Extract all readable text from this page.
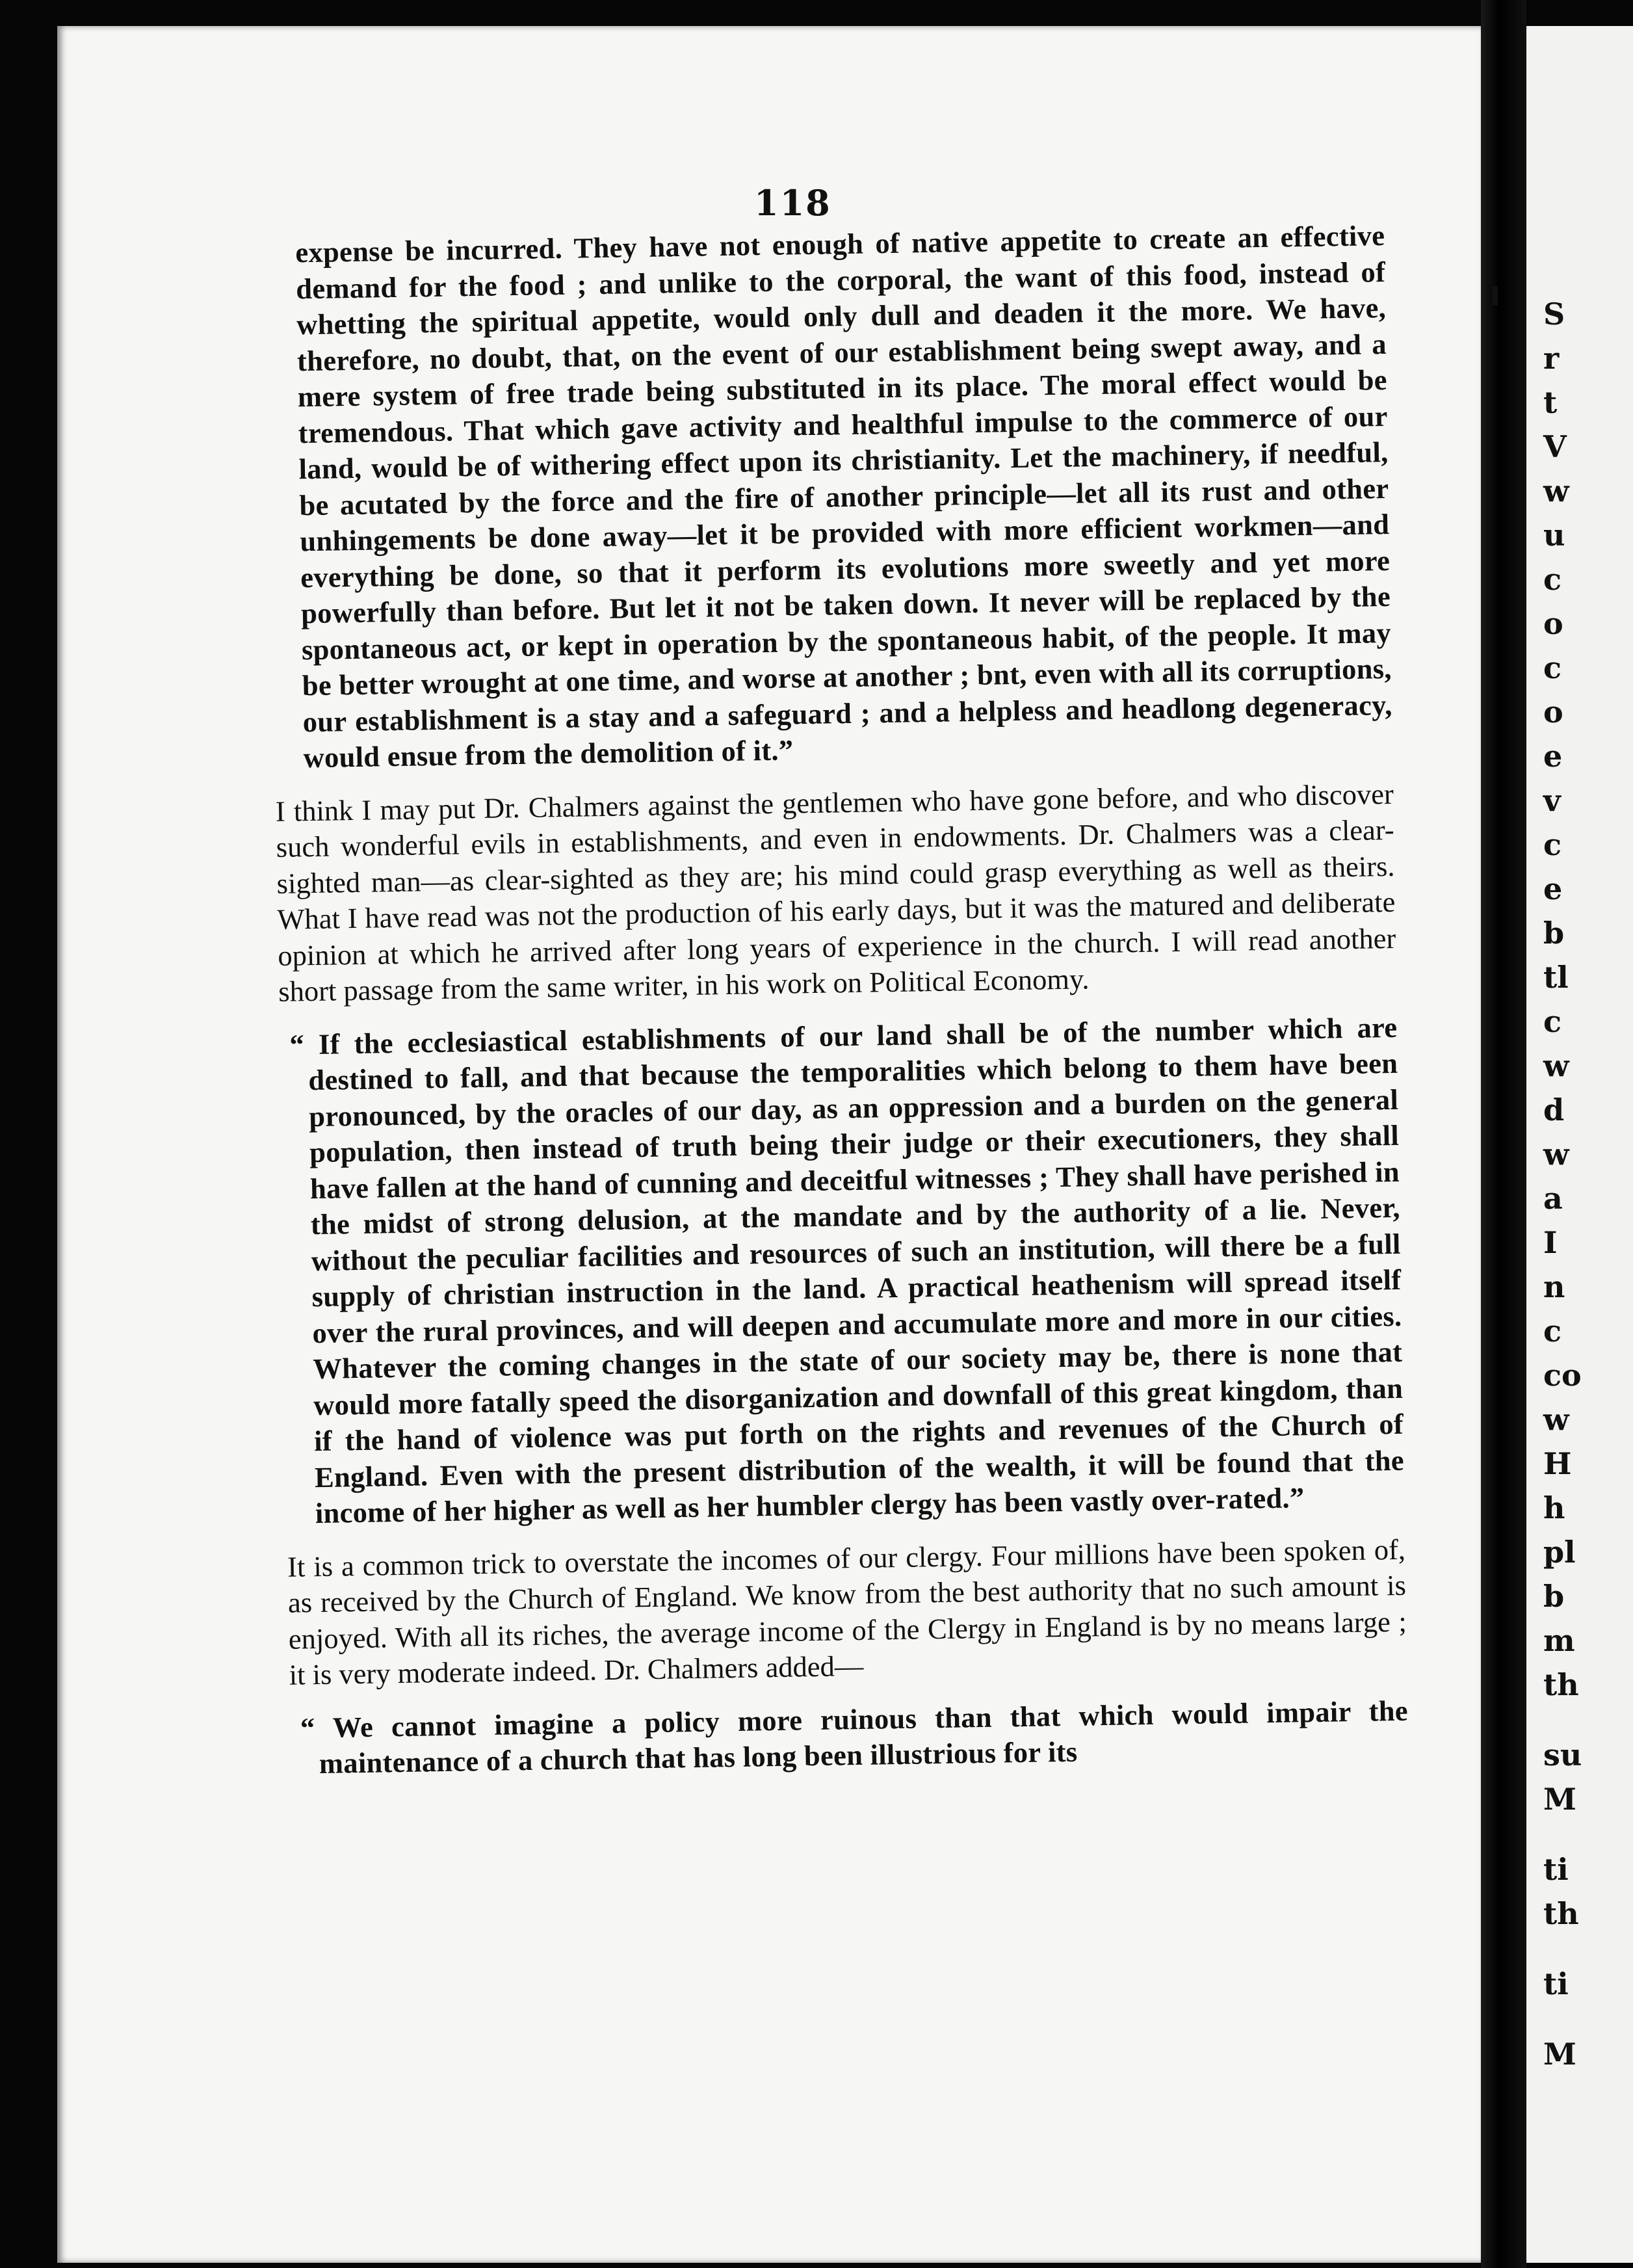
S
r
t
V
w
u
c
o
c
o
e
v
c
e
b
tl
c
w
d
w
a
I
n
c
co
w
H
h
pl
b
m
th
su
M
ti
th
ti
M
118

expense be incurred. They have not enough of native appetite to create an effective demand for the food ; and unlike to the corporal, the want of this food, instead of whetting the spiritual appetite, would only dull and deaden it the more. We have, therefore, no doubt, that, on the event of our establishment being swept away, and a mere system of free trade being substituted in its place. The moral effect would be tremendous. That which gave activity and healthful impulse to the commerce of our land, would be of withering effect upon its christianity. Let the machinery, if needful, be acutated by the force and the fire of another principle—let all its rust and other unhingements be done away—let it be provided with more efficient workmen—and everything be done, so that it perform its evolutions more sweetly and yet more powerfully than before. But let it not be taken down. It never will be replaced by the spontaneous act, or kept in operation by the spontaneous habit, of the people. It may be better wrought at one time, and worse at another ; bnt, even with all its corruptions, our establishment is a stay and a safeguard ; and a helpless and headlong degeneracy, would ensue from the demolition of it.”

I think I may put Dr. Chalmers against the gentlemen who have gone before, and who discover such wonderful evils in establishments, and even in endowments. Dr. Chalmers was a clear-sighted man—as clear-sighted as they are; his mind could grasp everything as well as theirs. What I have read was not the production of his early days, but it was the matured and deliberate opinion at which he arrived after long years of experience in the church. I will read another short passage from the same writer, in his work on Political Economy.

“ If the ecclesiastical establishments of our land shall be of the number which are destined to fall, and that because the temporalities which belong to them have been pronounced, by the oracles of our day, as an oppression and a burden on the general population, then instead of truth being their judge or their executioners, they shall have fallen at the hand of cunning and deceitful witnesses ; They shall have perished in the midst of strong delusion, at the mandate and by the authority of a lie. Never, without the peculiar facilities and resources of such an institution, will there be a full supply of christian instruction in the land. A practical heathenism will spread itself over the rural provinces, and will deepen and accumulate more and more in our cities. Whatever the coming changes in the state of our society may be, there is none that would more fatally speed the disorganization and downfall of this great kingdom, than if the hand of violence was put forth on the rights and revenues of the Church of England. Even with the present distribution of the wealth, it will be found that the income of her higher as well as her humbler clergy has been vastly over-rated.”

It is a common trick to overstate the incomes of our clergy. Four millions have been spoken of, as received by the Church of England. We know from the best authority that no such amount is enjoyed. With all its riches, the average income of the Clergy in England is by no means large ; it is very moderate indeed. Dr. Chalmers added—

“ We cannot imagine a policy more ruinous than that which would impair the maintenance of a church that has long been illustrious for its
